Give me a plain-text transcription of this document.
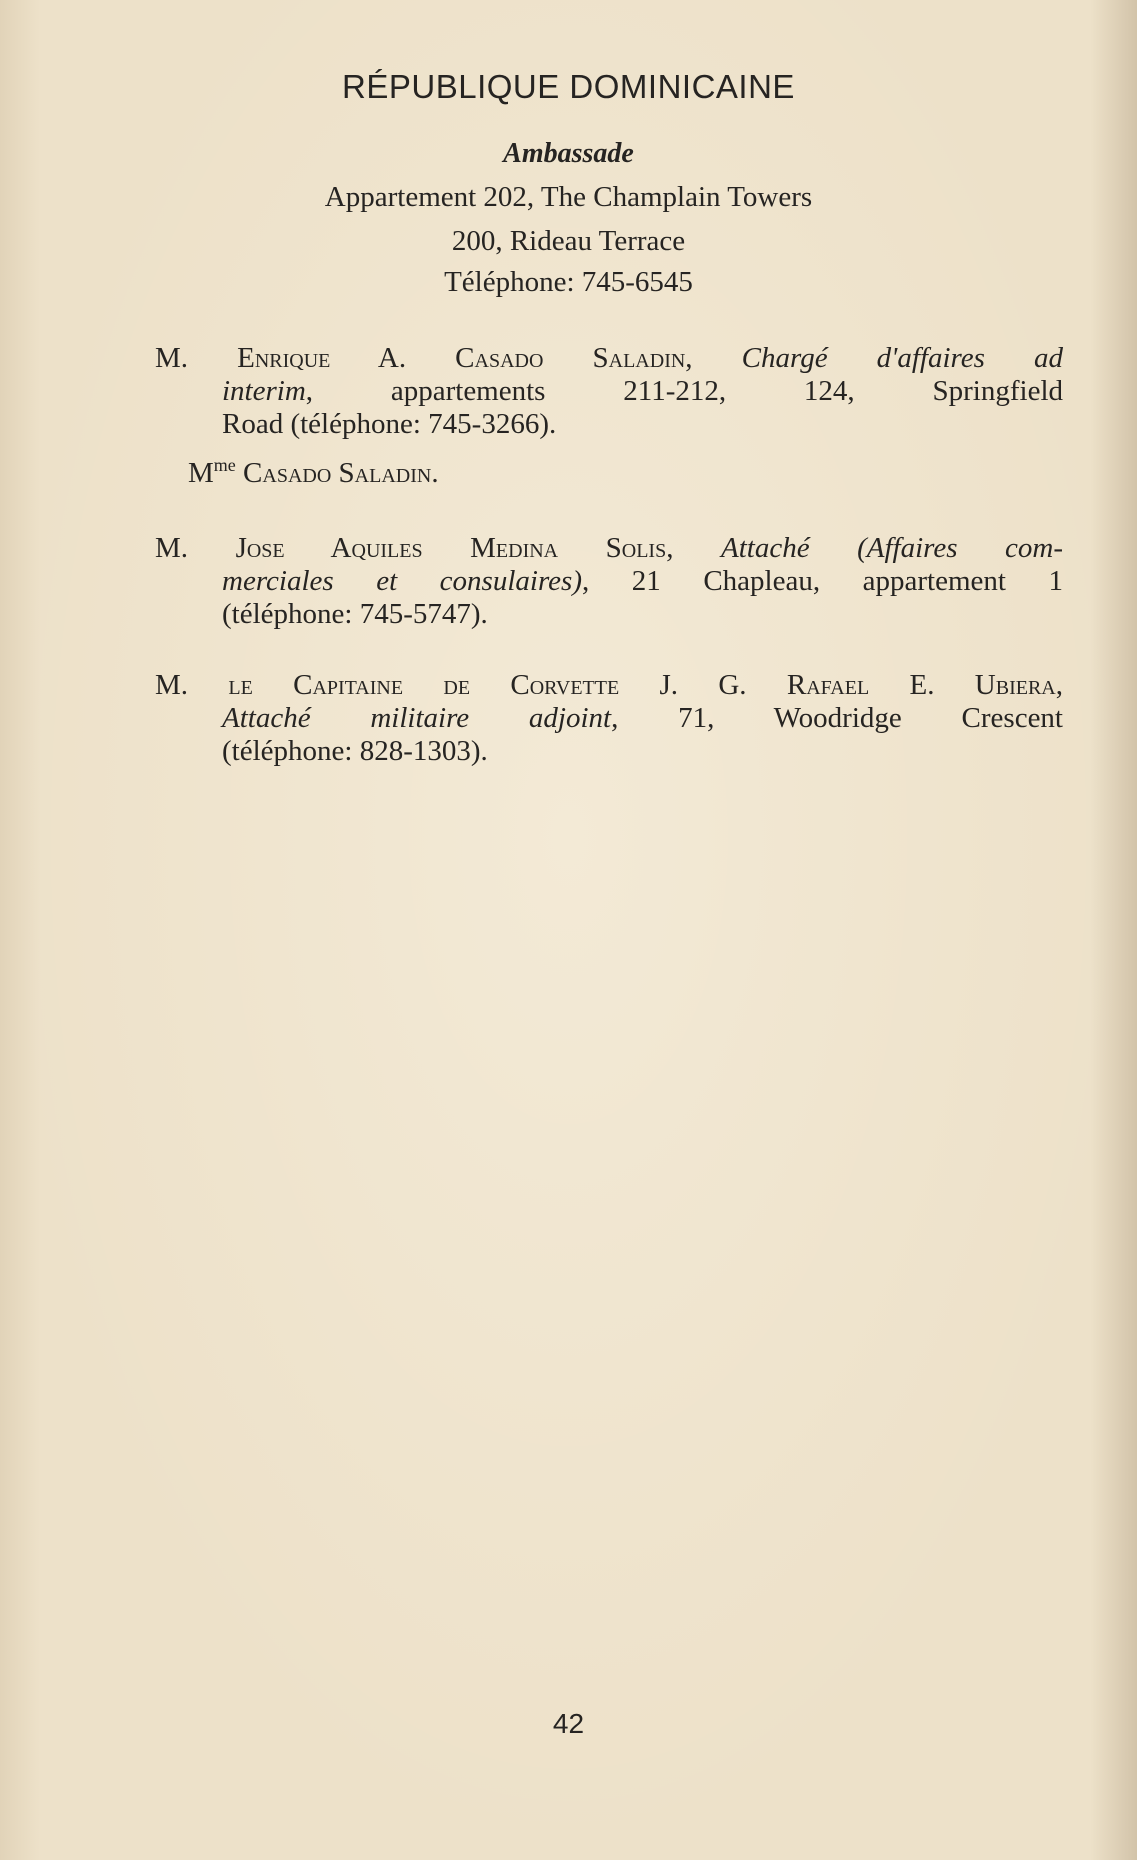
RÉPUBLIQUE DOMINICAINE
Ambassade
Appartement 202, The Champlain Towers
200, Rideau Terrace
Téléphone: 745-6545
M. Enrique A. Casado Saladin, Chargé d'affaires ad
interim, appartements 211-212, 124, Springfield
Road (téléphone: 745-3266).
$M^{me}$ Casado Saladin.
M. Jose Aquiles Medina Solis, Attaché (Affaires com-
merciales et consulaires), 21 Chapleau, appartement 1
(téléphone: 745-5747).
M. le Capitaine de Corvette J. G. Rafael E. Ubiera,
Attaché militaire adjoint, 71, Woodridge Crescent
(téléphone: 828-1303).
42
